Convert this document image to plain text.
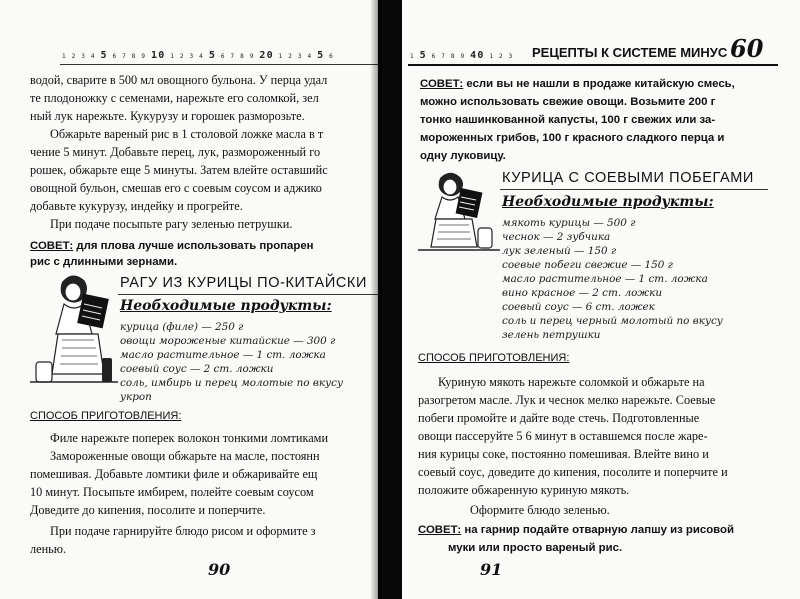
1 2 3 4 5 6 7 8 9 10 1 2 3 4 5 6 7 8 9 20 1 2 3 4 5 6
водой, сварите в 500 мл овощного бульона. У перца удал
те плодоножку с семенами, нарежьте его соломкой, зел
ный лук нарежьте. Кукурузу и горошек разморозьте.
Обжарьте вареный рис в 1 столовой ложке масла в т
чение 5 минут. Добавьте перец, лук, размороженный го
рошек, обжарьте еще 5 минуты. Затем влейте оставшийс
овощной бульон, смешав его с соевым соусом и аджико
добавьте кукурузу, индейку и прогрейте.
При подаче посыпьте рагу зеленью петрушки.
СОВЕТ: для плова лучше использовать пропарен
рис с длинными зернами.
РАГУ ИЗ КУРИЦЫ ПО-КИТАЙСКИ
Необходимые продукты:
курица (филе) — 250 г
овощи мороженые китайские — 300 г
масло растительное — 1 ст. ложка
соевый соус — 2 ст. ложки
соль, имбирь и перец молотые по вкусу
укроп
СПОСОБ ПРИГОТОВЛЕНИЯ:
Филе нарежьте поперек волокон тонкими ломтиками
Замороженные овощи обжарьте на масле, постоянн
помешивая. Добавьте ломтики филе и обжаривайте ещ
10 минут. Посыпьте имбирем, полейте соевым соусом
Доведите до кипения, посолите и поперчите.
При подаче гарнируйте блюдо рисом и оформите з
ленью.
90
1 5 6 7 8 9 40 1 2 3 РЕЦЕПТЫ К СИСТЕМЕ МИНУС 60
СОВЕТ: если вы не нашли в продаже китайскую смесь,
можно использовать свежие овощи. Возьмите 200 г
тонко нашинкованной капусты, 100 г свежих или за-
мороженных грибов, 100 г красного сладкого перца и
одну луковицу.
КУРИЦА С СОЕВЫМИ ПОБЕГАМИ
Необходимые продукты:
мякоть курицы — 500 г
чеснок — 2 зубчика
лук зеленый — 150 г
соевые побеги свежие — 150 г
масло растительное — 1 ст. ложка
вино красное — 2 ст. ложки
соевый соус — 6 ст. ложек
соль и перец черный молотый по вкусу
зелень петрушки
СПОСОБ ПРИГОТОВЛЕНИЯ:
Куриную мякоть нарежьте соломкой и обжарьте на
разогретом масле. Лук и чеснок мелко нарежьте. Соевые
побеги промойте и дайте воде стечь. Подготовленные
овощи пассеруйте 5 6 минут в оставшемся после жаре-
ния курицы соке, постоянно помешивая. Влейте вино и
соевый соус, доведите до кипения, посолите и поперчите и
положите обжаренную куриную мякоть.
Оформите блюдо зеленью.
СОВЕТ: на гарнир подайте отварную лапшу из рисовой
муки или просто вареный рис.
91
